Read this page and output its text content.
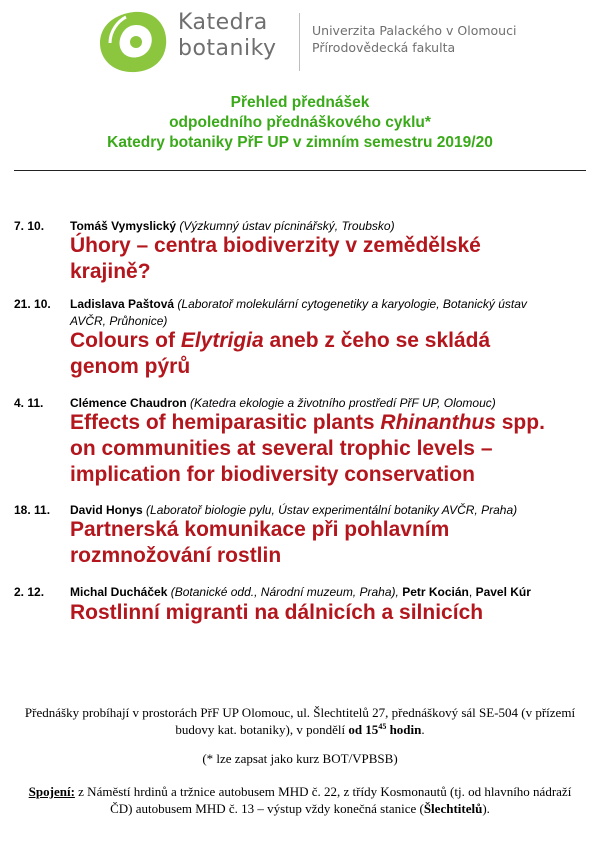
Katedra
botaniky
Univerzita Palackého v Olomouci
Přírodovědecká fakulta
Přehled přednášek
odpoledního přednáškového cyklu*
Katedry botaniky PřF UP v zimním semestru 2019/20
7. 10. Tomáš Vymyslický (Výzkumný ústav pícninářský, Troubsko)
Úhory – centra biodiverzity v zemědělské
krajině?
21. 10. Ladislava Paštová (Laboratoř molekulární cytogenetiky a karyologie, Botanický ústav
AVČR, Průhonice)
Colours of Elytrigia aneb z čeho se skládá
genom pýrů
4. 11. Clémence Chaudron (Katedra ekologie a životního prostředí PřF UP, Olomouc)
Effects of hemiparasitic plants Rhinanthus spp.
on communities at several trophic levels –
implication for biodiversity conservation
18. 11. David Honys (Laboratoř biologie pylu, Ústav experimentální botaniky AVČR, Praha)
Partnerská komunikace při pohlavním
rozmnožování rostlin
2. 12. Michal Ducháček (Botanické odd., Národní muzeum, Praha), Petr Kocián, Pavel Kúr
Rostlinní migranti na dálnicích a silnicích
Přednášky probíhají v prostorách PřF UP Olomouc, ul. Šlechtitelů 27, přednáškový sál SE-504 (v přízemí
budovy kat. botaniky), v pondělí od $15^{45}$ hodin.
(* lze zapsat jako kurz BOT/VPBSB)
Spojení: z Náměstí hrdinů a tržnice autobusem MHD č. 22, z třídy Kosmonautů (tj. od hlavního nádraží
ČD) autobusem MHD č. 13 – výstup vždy konečná stanice (Šlechtitelů).
